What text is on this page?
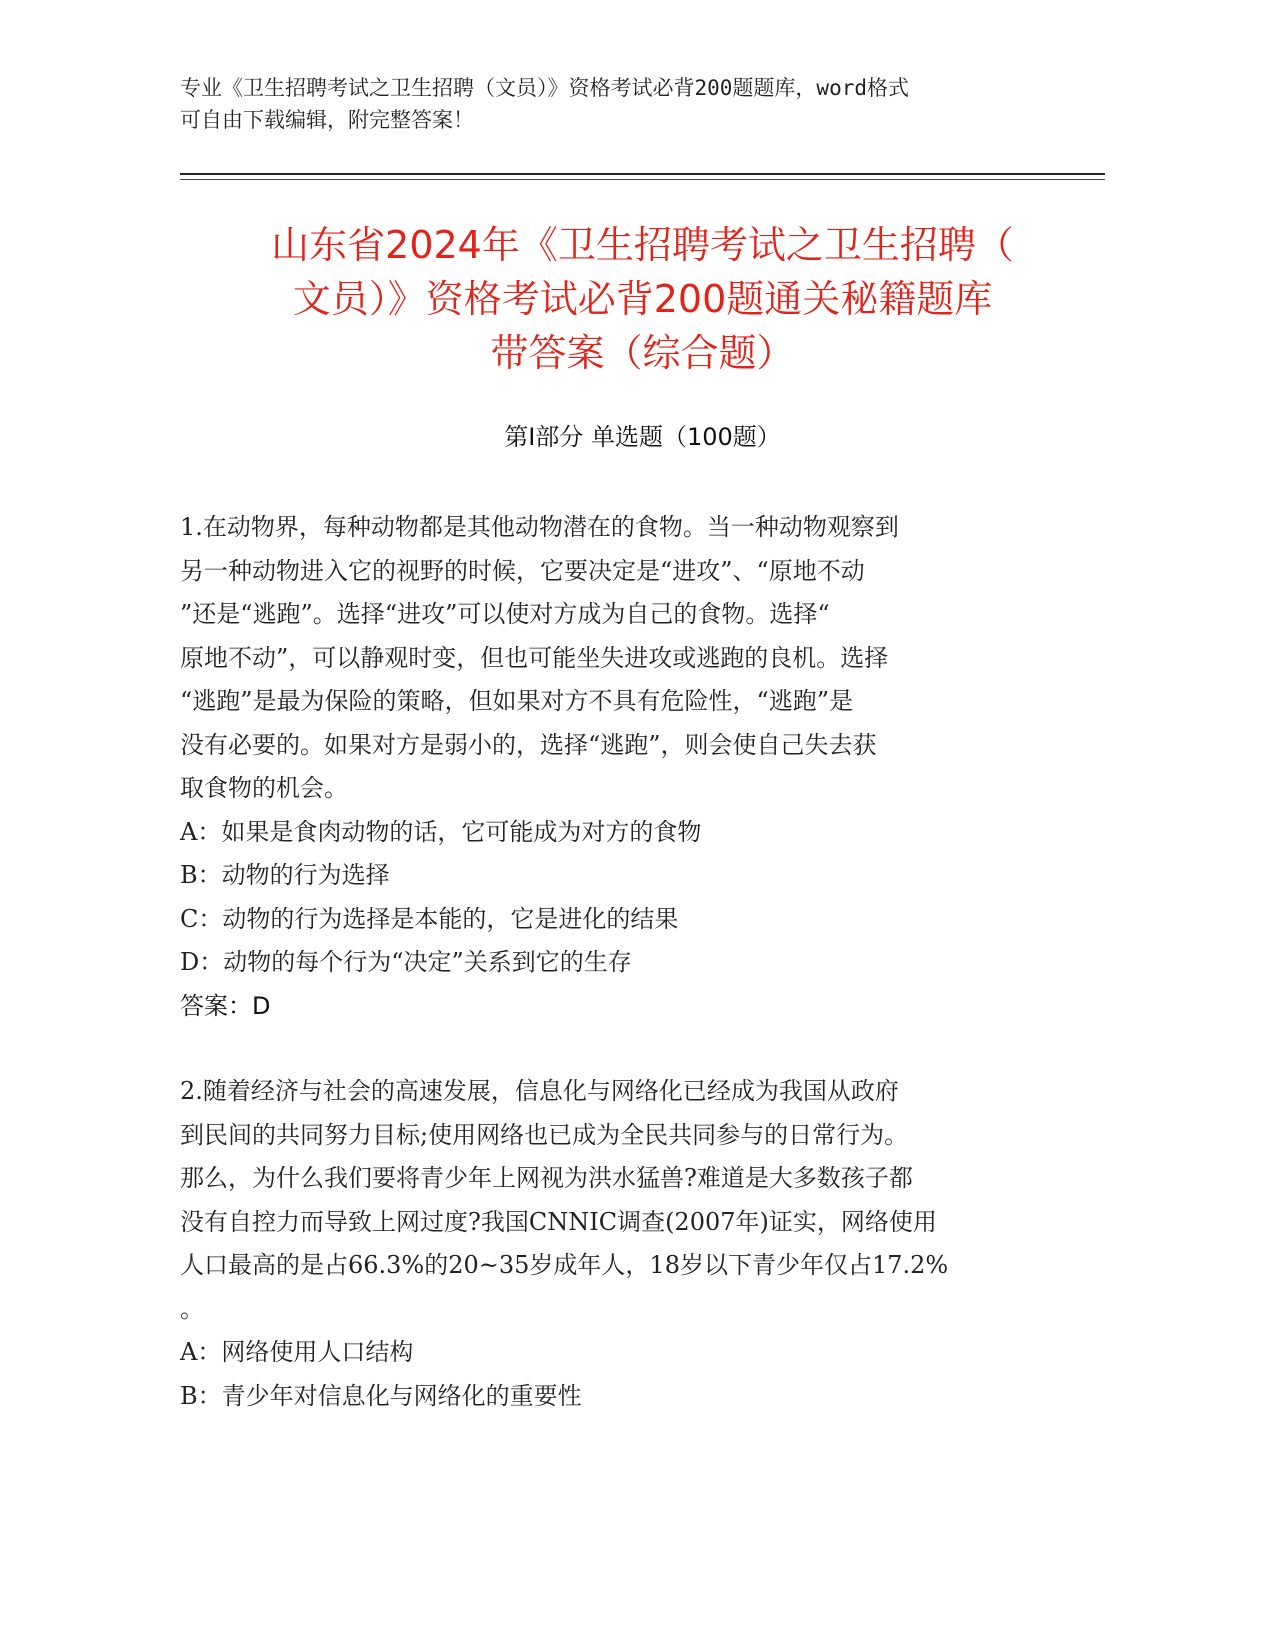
专业《卫生招聘考试之卫生招聘（文员）》资格考试必背200题题库，word格式
可自由下载编辑，附完整答案！
山东省2024年《卫生招聘考试之卫生招聘（
文员）》资格考试必背200题通关秘籍题库
带答案（综合题）
第Ⅰ部分 单选题（100题）
1.在动物界，每种动物都是其他动物潜在的食物。当一种动物观察到
另一种动物进入它的视野的时候，它要决定是“进攻”、“原地不动
”还是“逃跑”。选择“进攻”可以使对方成为自己的食物。选择“
原地不动”，可以静观时变，但也可能坐失进攻或逃跑的良机。选择
“逃跑”是最为保险的策略，但如果对方不具有危险性，“逃跑”是
没有必要的。如果对方是弱小的，选择“逃跑”，则会使自己失去获
取食物的机会。
A：如果是食肉动物的话，它可能成为对方的食物
B：动物的行为选择
C：动物的行为选择是本能的，它是进化的结果
D：动物的每个行为“决定”关系到它的生存
答案：D
2.随着经济与社会的高速发展，信息化与网络化已经成为我国从政府
到民间的共同努力目标;使用网络也已成为全民共同参与的日常行为。
那么，为什么我们要将青少年上网视为洪水猛兽?难道是大多数孩子都
没有自控力而导致上网过度?我国CNNIC调查(2007年)证实，网络使用
人口最高的是占66.3%的20~35岁成年人，18岁以下青少年仅占17.2%
。
A：网络使用人口结构
B：青少年对信息化与网络化的重要性
